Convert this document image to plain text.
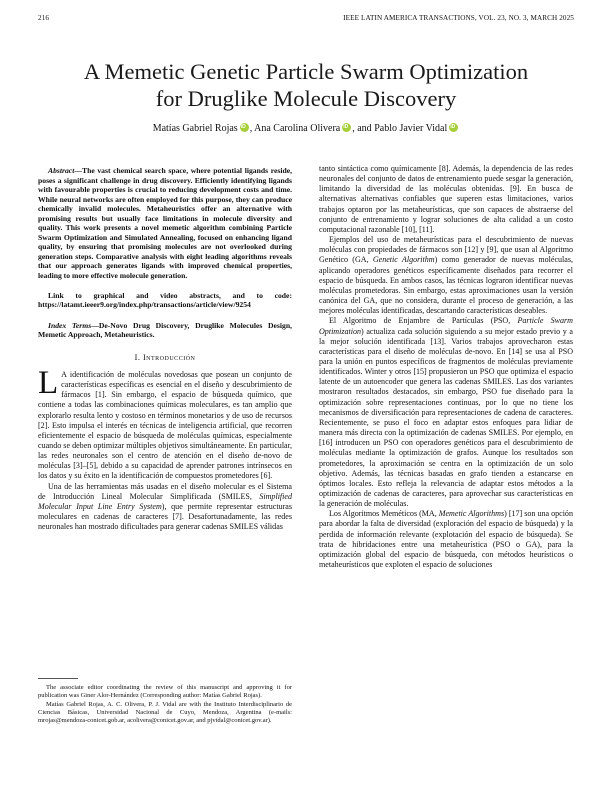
216	IEEE LATIN AMERICA TRANSACTIONS, VOL. 23, NO. 3, MARCH 2025
A Memetic Genetic Particle Swarm Optimization
for Druglike Molecule Discovery
Matías Gabriel Rojas iD , Ana Carolina Olivera iD , and Pablo Javier VidaliD

Abstract—The vast chemical search space, where potential ligands reside, poses a significant challenge in drug discovery. Efficiently identifying ligands with favourable properties is crucial to reducing development costs and time. While neural networks are often employed for this purpose, they can produce chemically invalid molecules. Metaheuristics offer an alternative with promising results but usually face limitations in molecule diversity and quality. This work presents a novel memetic algorithm combining Particle Swarm Optimization and Simulated Annealing, focused on enhancing ligand quality, by ensuring that promising molecules are not overlooked during generation steps. Comparative analysis with eight leading algorithms reveals that our approach generates ligands with improved chemical properties, leading to more effective molecule generation.

Link to graphical and video abstracts, and to code: https://latamt.ieeer9.org/index.php/transactions/article/view/9254

Index Terms—De-Novo Drug Discovery, Druglike Molecules Design, Memetic Approach, Metaheuristics.

I. Introducción

L A identificación de moléculas novedosas que posean un conjunto de características específicas es esencial en el diseño y descubrimiento de fármacos [1]. Sin embargo, el espacio de búsqueda químico, que contiene a todas las combinaciones químicas moleculares, es tan amplio que explorarlo resulta lento y costoso en términos monetarios y de uso de recursos [2]. Esto impulsa el interés en técnicas de inteligencia artificial, que recorren eficientemente el espacio de búsqueda de moléculas químicas, especialmente cuando se deben optimizar múltiples objetivos simultáneamente. En particular, las redes neuronales son el centro de atención en el diseño de-novo de moléculas [3]–[5], debido a su capacidad de aprender patrones intrínsecos en los datos y su éxito en la identificación de compuestos prometedores [6].

Una de las herramientas más usadas en el diseño molecular es el Sistema de Introducción Lineal Molecular Simplificada (SMILES, Simplified Molecular Input Line Entry System), que permite representar estructuras moleculares en cadenas de caracteres [7]. Desafortunadamente, las redes neuronales han mostrado dificultades para generar cadenas SMILES válidas

The associate editor coordinating the review of this manuscript and approving it for publication was Giner Alor-Hernández (Corresponding author: Matías Gabriel Rojas).

Matías Gabriel Rojas, A. C. Olivera, P. J. Vidal are with the Instituto Interdisciplinario de Ciencias Básicas, Universidad Nacional de Cuyo, Mendoza, Argentina (e-mails: mrojas@mendoza-conicet.gob.ar, acolivera@conicet.gov.ar, and pjvidal@conicet.gov.ar).

tanto sintáctica como químicamente [8]. Además, la dependencia de las redes neuronales del conjunto de datos de entrenamiento puede sesgar la generación, limitando la diversidad de las moléculas obtenidas. [9]. En busca de alternativas alternativas confiables que superen estas limitaciones, varios trabajos optaron por las metaheurísticas, que son capaces de abstraerse del conjunto de entrenamiento y lograr soluciones de alta calidad a un costo computacional razonable [10], [11].

Ejemplos del uso de metaheurísticas para el descubrimiento de nuevas moléculas con propiedades de fármacos son [12] y [9], que usan al Algoritmo Genético (GA, Genetic Algorithm) como generador de nuevas moléculas, aplicando operadores genéticos específicamente diseñados para recorrer el espacio de búsqueda. En ambos casos, las técnicas lograron identificar nuevas moléculas prometedoras. Sin embargo, estas aproximaciones usan la versión canónica del GA, que no considera, durante el proceso de generación, a las mejores moléculas identificadas, descartando características deseables.

El Algoritmo de Enjambre de Partículas (PSO, Particle Swarm Optimization) actualiza cada solución siguiendo a su mejor estado previo y a la mejor solución identificada [13]. Varios trabajos aprovecharon estas características para el diseño de moléculas de-novo. En [14] se usa al PSO para la unión en puntos específicos de fragmentos de moléculas previamente identificados. Winter y otros [15] propusieron un PSO que optimiza el espacio latente de un autoencoder que genera las cadenas SMILES. Las dos variantes mostraron resultados destacados, sin embargo, PSO fue diseñado para la optimización sobre representaciones continuas, por lo que no tiene los mecanismos de diversificación para representaciones de cadena de caracteres. Recientemente, se puso el foco en adaptar estos enfoques para lidiar de manera más directa con la optimización de cadenas SMILES. Por ejemplo, en [16] introducen un PSO con operadores genéticos para el descubrimiento de moléculas mediante la optimización de grafos. Aunque los resultados son prometedores, la aproximación se centra en la optimización de un solo objetivo. Además, las técnicas basadas en grafo tienden a estancarse en óptimos locales. Esto refleja la relevancia de adaptar estos métodos a la optimización de cadenas de caracteres, para aprovechar sus características en la generación de moléculas.

Los Algoritmos Meméticos (MA, Memetic Algorithms) [17] son una opción para abordar la falta de diversidad (exploración del espacio de búsqueda) y la perdida de información relevante (explotación del espacio de búsqueda). Se trata de hibridaciones entre una metaheurística (PSO o GA), para la optimización global del espacio de búsqueda, con métodos heurísticos o metaheurísticos que exploten el espacio de soluciones
